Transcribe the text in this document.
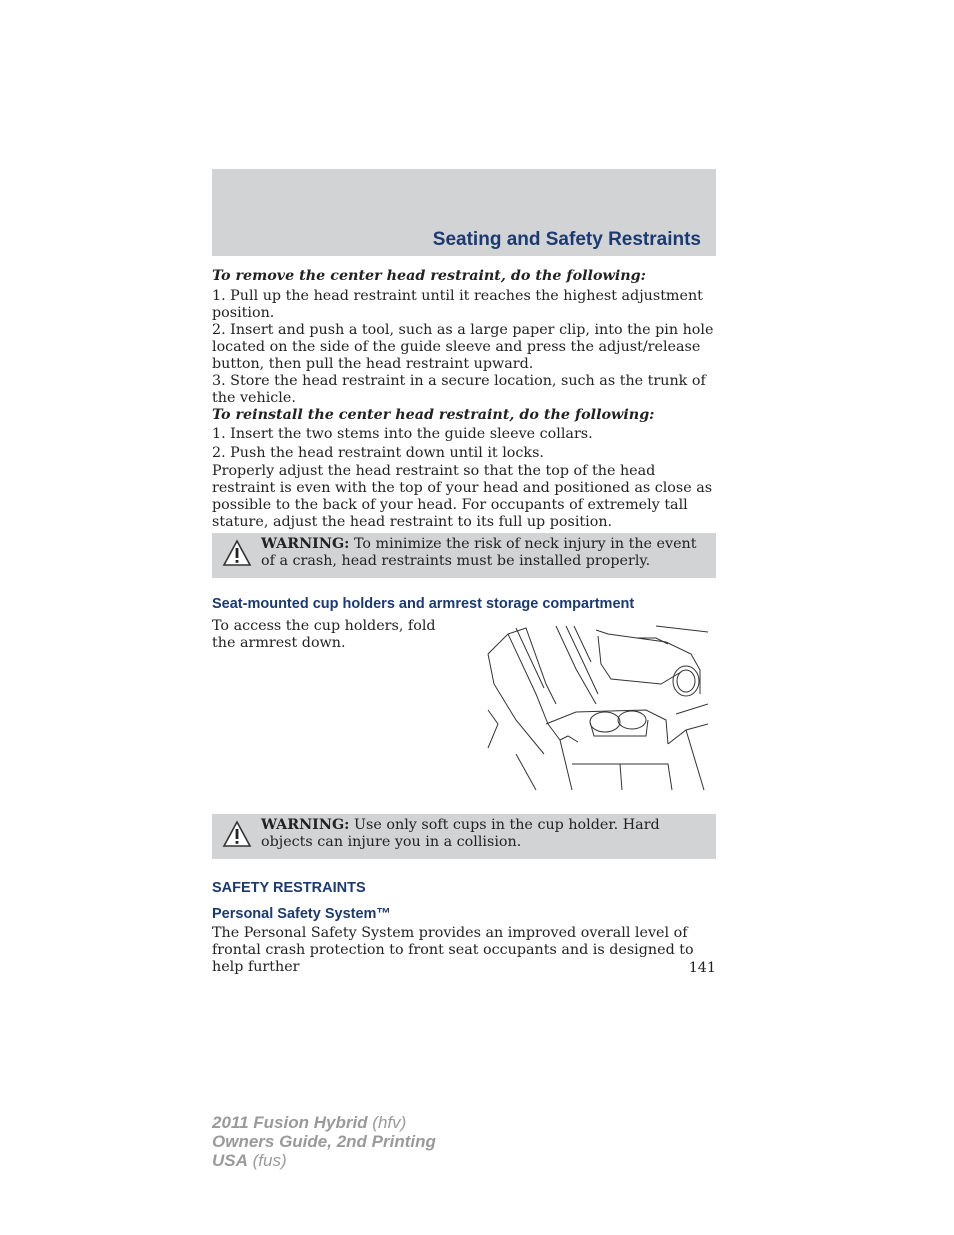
Seating and Safety Restraints

To remove the center head restraint, do the following:

1. Pull up the head restraint until it reaches the highest adjustment position.

2. Insert and push a tool, such as a large paper clip, into the pin hole located on the side of the guide sleeve and press the adjust/release button, then pull the head restraint upward.

3. Store the head restraint in a secure location, such as the trunk of the vehicle.

To reinstall the center head restraint, do the following:

1. Insert the two stems into the guide sleeve collars.

2. Push the head restraint down until it locks.

Properly adjust the head restraint so that the top of the head restraint is even with the top of your head and positioned as close as possible to the back of your head. For occupants of extremely tall stature, adjust the head restraint to its full up position.

WARNING: To minimize the risk of neck injury in the event of a crash, head restraints must be installed properly.
Seat-mounted cup holders and armrest storage compartment

To access the cup holders, fold the armrest down.

WARNING: Use only soft cups in the cup holder. Hard objects can injure you in a collision.
SAFETY RESTRAINTS
Personal Safety System™

The Personal Safety System provides an improved overall level of frontal crash protection to front seat occupants and is designed to help further	141
2011 Fusion Hybrid (hfv)
Owners Guide, 2nd Printing
USA (fus)
